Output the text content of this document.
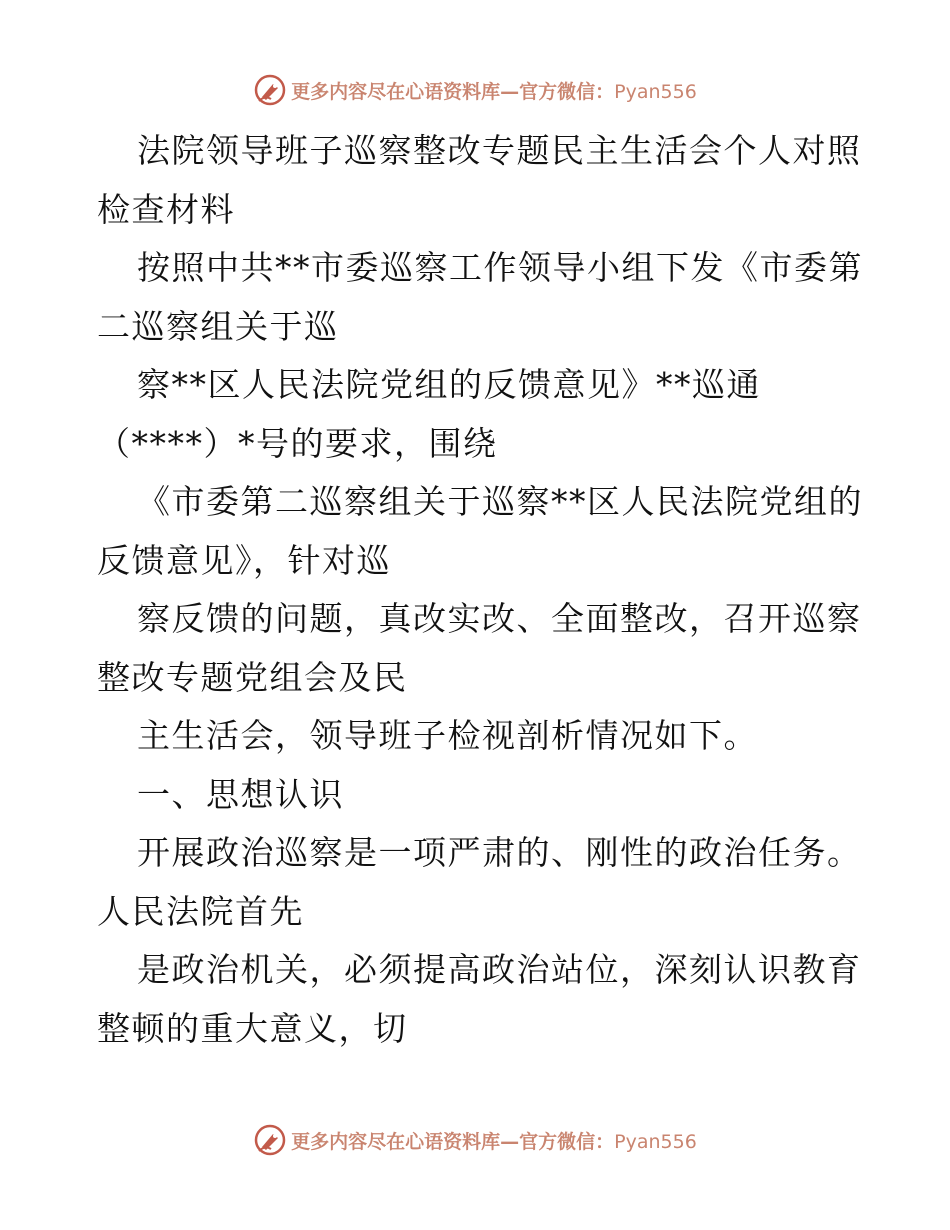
更多内容尽在心语资料库—官方微信：Pyan556
法院领导班子巡察整改专题民主生活会个人对照
检查材料
按照中共**市委巡察工作领导小组下发《市委第
二巡察组关于巡
察**区人民法院党组的反馈意见》**巡通
（****）*号的要求，围绕
《市委第二巡察组关于巡察**区人民法院党组的
反馈意见》，针对巡
察反馈的问题，真改实改、全面整改，召开巡察
整改专题党组会及民
主生活会，领导班子检视剖析情况如下。
一、思想认识
开展政治巡察是一项严肃的、刚性的政治任务。
人民法院首先
是政治机关，必须提高政治站位，深刻认识教育
整顿的重大意义，切
更多内容尽在心语资料库—官方微信：Pyan556
